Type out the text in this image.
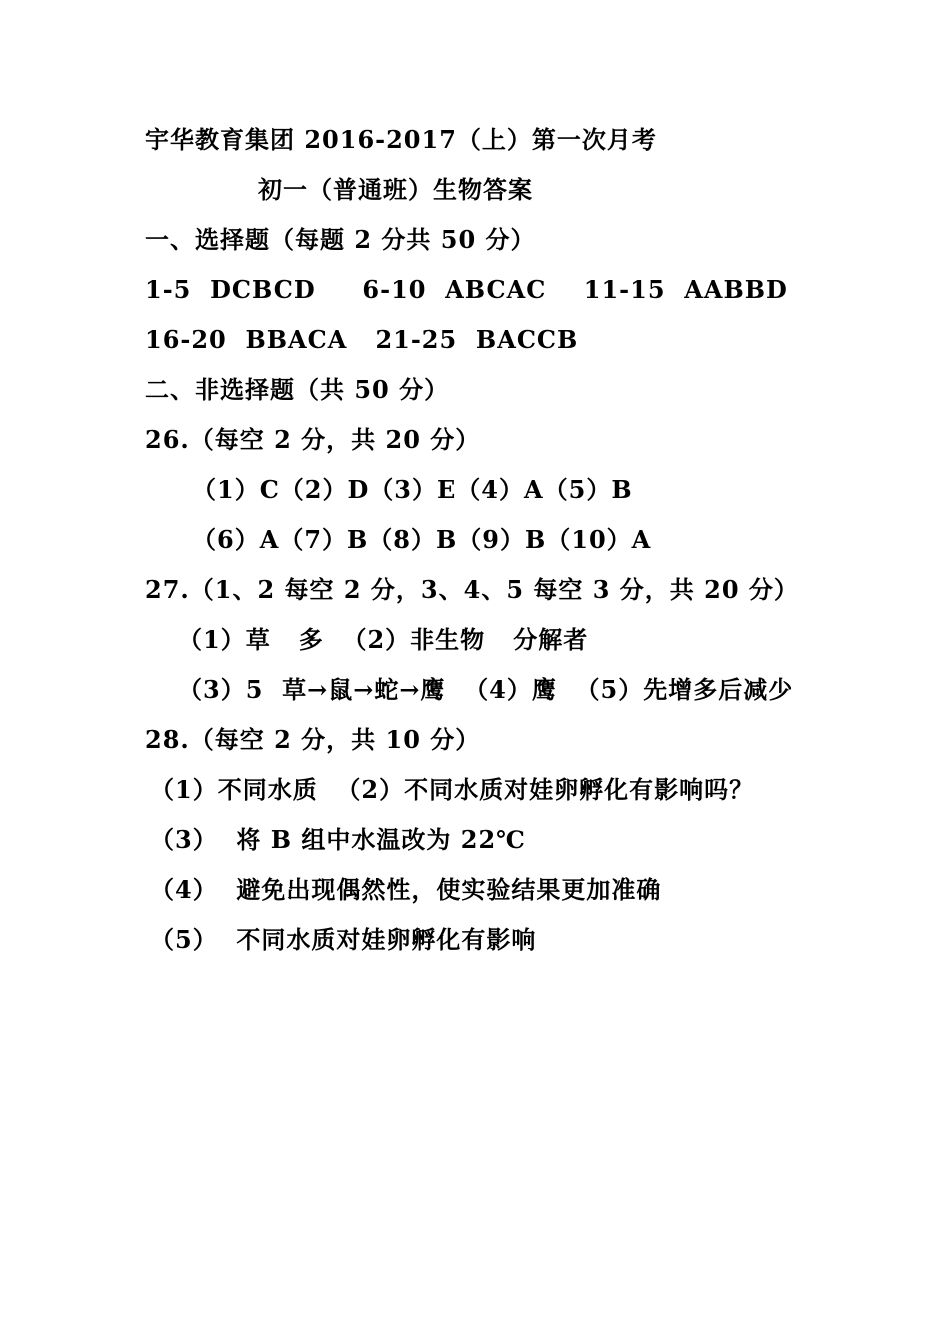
宇华教育集团 2016-2017（上）第一次月考
初一（普通班）生物答案
一、选择题（每题 2 分共 50 分）
1-5  DCBCD     6-10  ABCAC    11-15  AABBD
16-20  BBACA   21-25  BACCB
二、非选择题（共 50 分）
26.（每空 2 分，共 20 分）
（1）C（2）D（3）E（4）A（5）B
（6）A（7）B（8）B（9）B（10）A
27.（1、2 每空 2 分，3、4、5 每空 3 分，共 20 分）
（1）草   多  （2）非生物   分解者
（3）5  草→鼠→蛇→鹰  （4）鹰  （5）先增多后减少
28.（每空 2 分，共 10 分）
（1）不同水质  （2）不同水质对娃卵孵化有影响吗？
（3）  将 B 组中水温改为 22℃
（4）  避免出现偶然性，使实验结果更加准确
（5）  不同水质对娃卵孵化有影响
